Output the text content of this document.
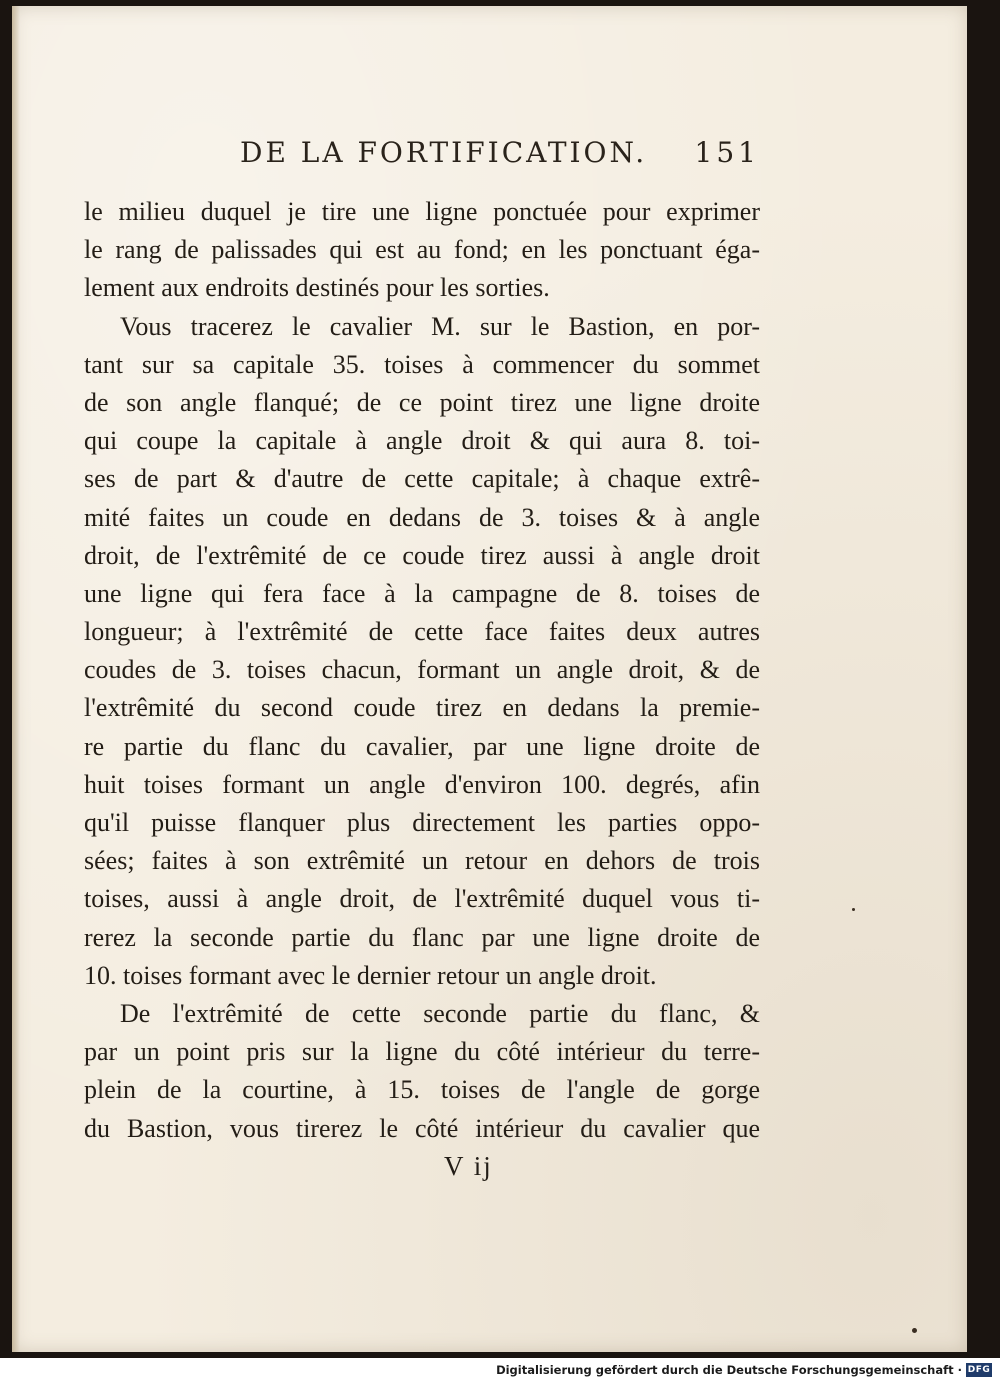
DE LA FORTIFICATION. 151
le milieu duquel je tire une ligne ponctuée pour exprimer
le rang de palissades qui est au fond; en les ponctuant éga-
lement aux endroits destinés pour les sorties.
Vous tracerez le cavalier M. sur le Bastion, en por-
tant sur sa capitale 35. toises à commencer du sommet
de son angle flanqué; de ce point tirez une ligne droite
qui coupe la capitale à angle droit & qui aura 8. toi-
ses de part & d'autre de cette capitale; à chaque extrê-
mité faites un coude en dedans de 3. toises & à angle
droit, de l'extrêmité de ce coude tirez aussi à angle droit
une ligne qui fera face à la campagne de 8. toises de
longueur; à l'extrêmité de cette face faites deux autres
coudes de 3. toises chacun, formant un angle droit, & de
l'extrêmité du second coude tirez en dedans la premie-
re partie du flanc du cavalier, par une ligne droite de
huit toises formant un angle d'environ 100. degrés, afin
qu'il puisse flanquer plus directement les parties oppo-
sées; faites à son extrêmité un retour en dehors de trois
toises, aussi à angle droit, de l'extrêmité duquel vous ti-
rerez la seconde partie du flanc par une ligne droite de
10. toises formant avec le dernier retour un angle droit.
De l'extrêmité de cette seconde partie du flanc, &
par un point pris sur la ligne du côté intérieur du terre-
plein de la courtine, à 15. toises de l'angle de gorge
du Bastion, vous tirerez le côté intérieur du cavalier que
V ij
Digitalisierung gefördert durch die Deutsche Forschungsgemeinschaft · DFG
